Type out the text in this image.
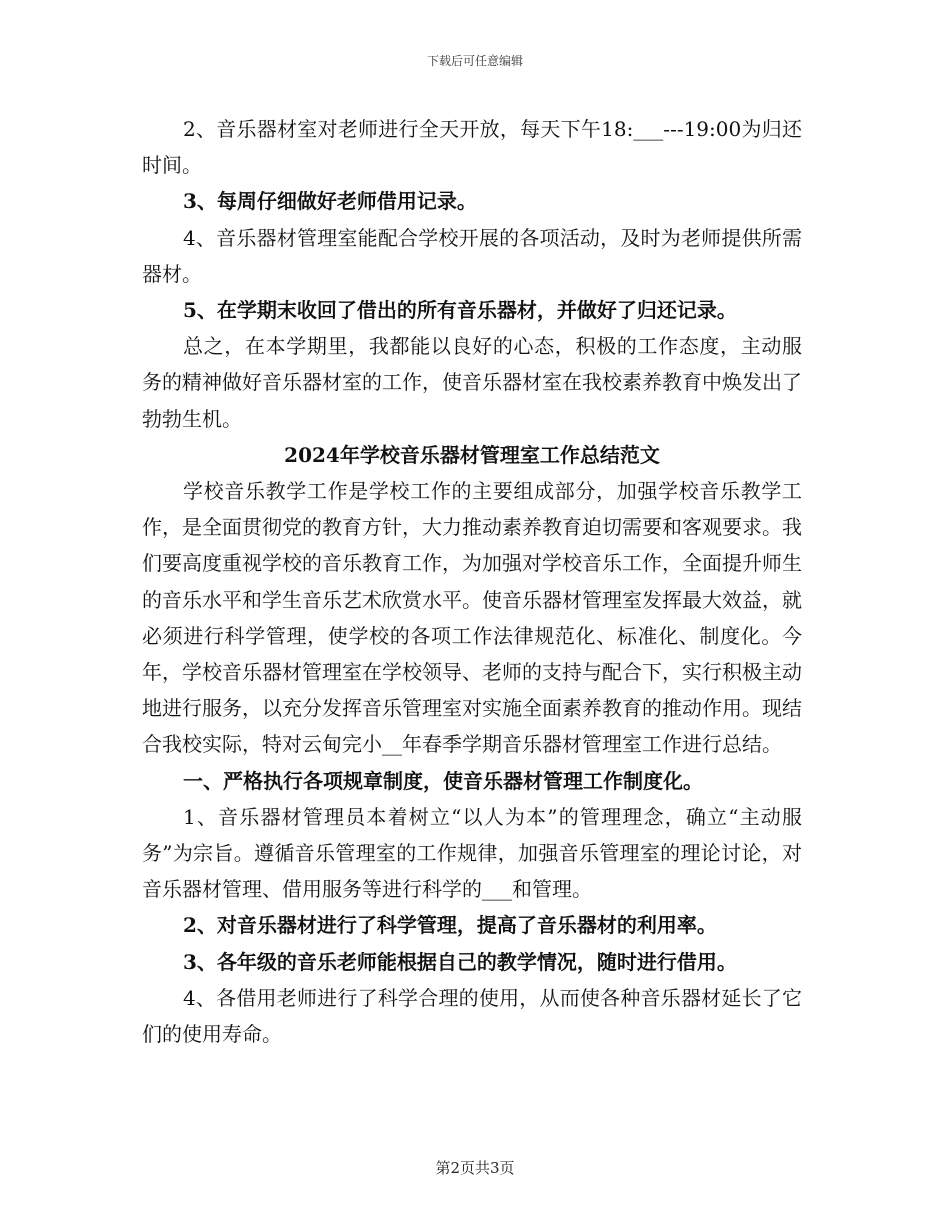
下载后可任意编辑

2、音乐器材室对老师进行全天开放，每天下午18:___---19:00为归还时间。

3、每周仔细做好老师借用记录。

4、音乐器材管理室能配合学校开展的各项活动，及时为老师提供所需器材。

5、在学期末收回了借出的所有音乐器材，并做好了归还记录。

总之，在本学期里，我都能以良好的心态，积极的工作态度，主动服务的精神做好音乐器材室的工作，使音乐器材室在我校素养教育中焕发出了勃勃生机。

2024年学校音乐器材管理室工作总结范文

学校音乐教学工作是学校工作的主要组成部分，加强学校音乐教学工作，是全面贯彻党的教育方针，大力推动素养教育迫切需要和客观要求。我们要高度重视学校的音乐教育工作，为加强对学校音乐工作，全面提升师生的音乐水平和学生音乐艺术欣赏水平。使音乐器材管理室发挥最大效益，就必须进行科学管理，使学校的各项工作法律规范化、标准化、制度化。今年，学校音乐器材管理室在学校领导、老师的支持与配合下，实行积极主动地进行服务，以充分发挥音乐管理室对实施全面素养教育的推动作用。现结合我校实际，特对云甸完小__年春季学期音乐器材管理室工作进行总结。

一、严格执行各项规章制度，使音乐器材管理工作制度化。

1、音乐器材管理员本着树立“以人为本”的管理理念，确立“主动服务”为宗旨。遵循音乐管理室的工作规律，加强音乐管理室的理论讨论，对音乐器材管理、借用服务等进行科学的___和管理。

2、对音乐器材进行了科学管理，提高了音乐器材的利用率。

3、各年级的音乐老师能根据自己的教学情况，随时进行借用。

4、各借用老师进行了科学合理的使用，从而使各种音乐器材延长了它们的使用寿命。

第2页共3页
